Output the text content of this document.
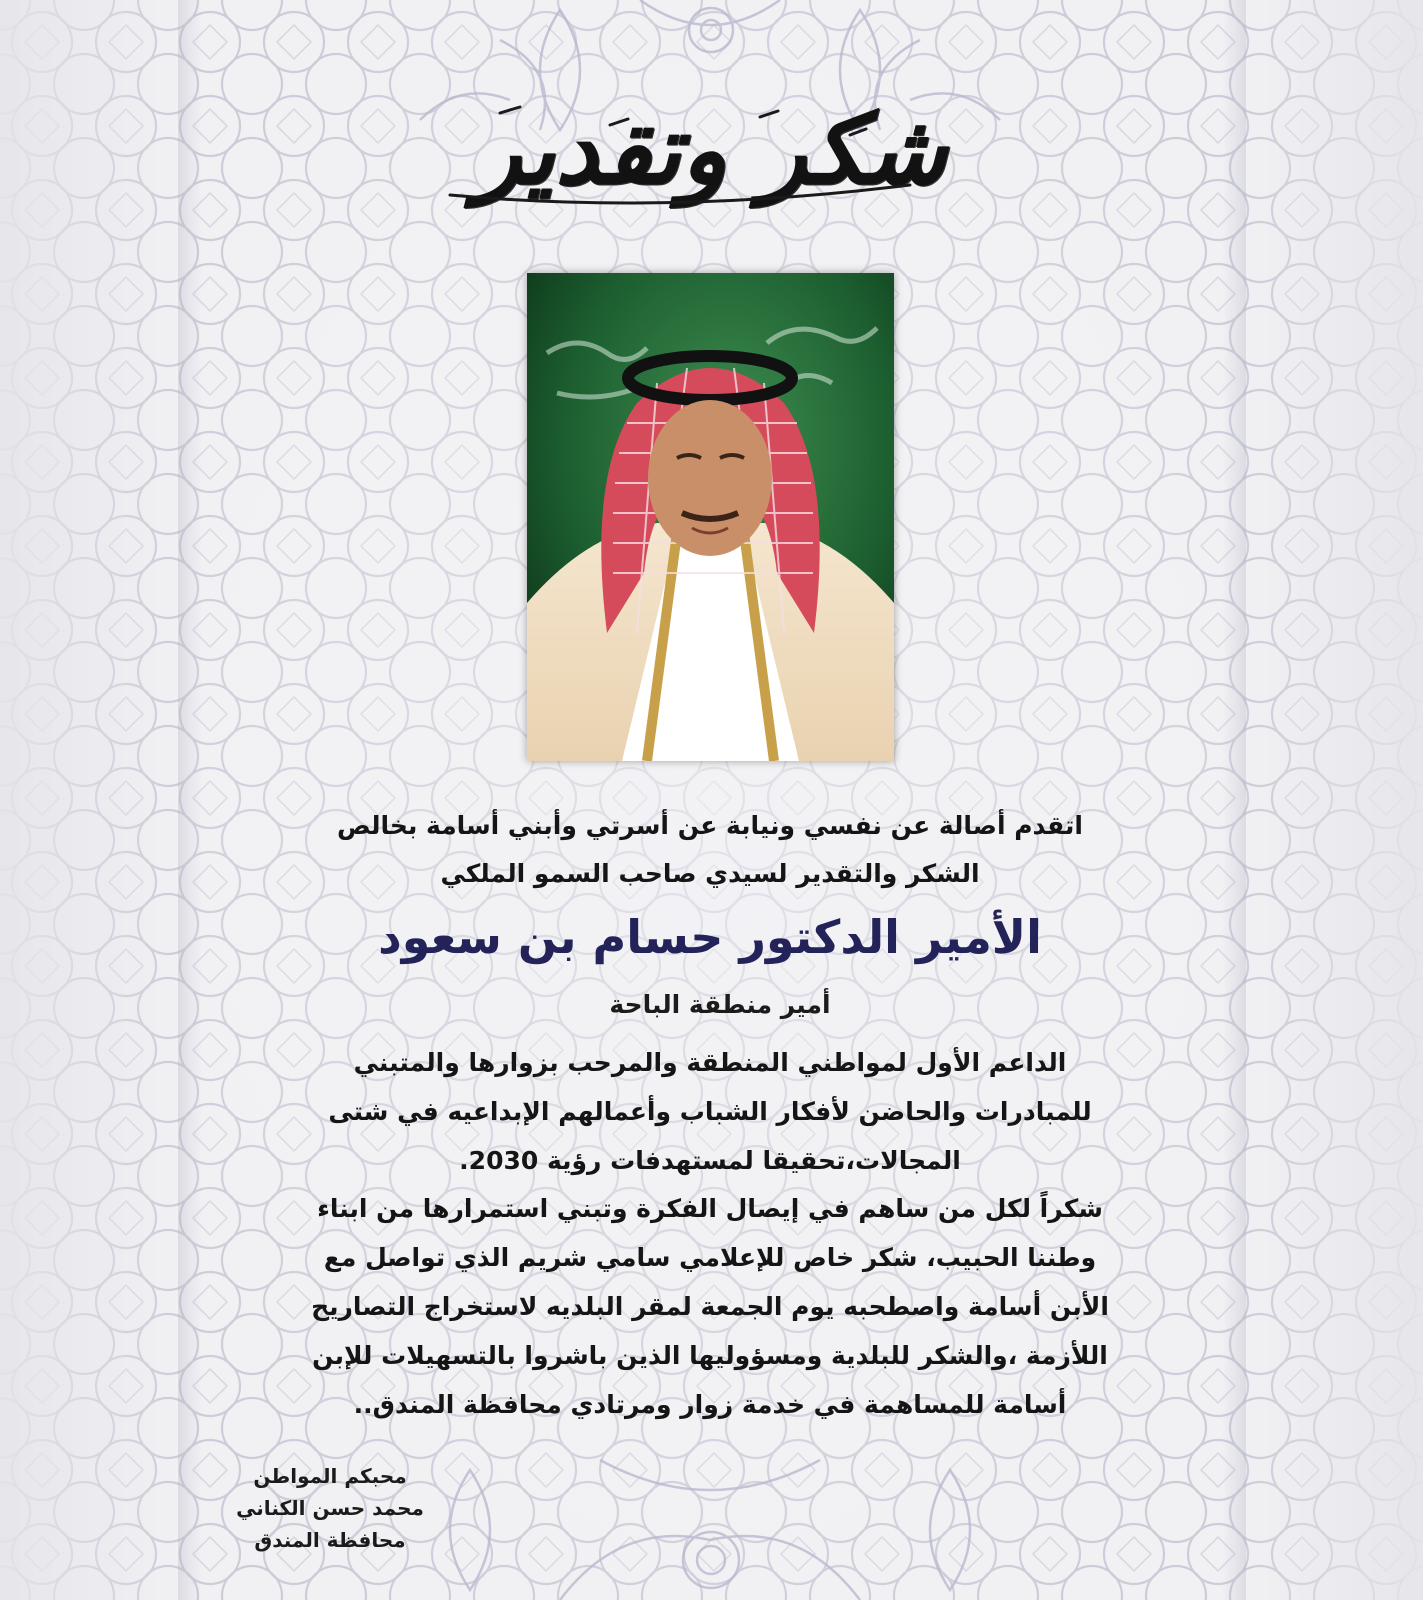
شكر وتقدير
اتقدم أصالة عن نفسي ونيابة عن أسرتي وأبني أسامة بخالص
الشكر والتقدير لسيدي صاحب السمو الملكي
الأمير الدكتور حسام بن سعود
أمير منطقة الباحة
الداعم الأول لمواطني المنطقة والمرحب بزوارها والمتبني
للمبادرات والحاضن لأفكار الشباب وأعمالهم الإبداعيه في شتى
المجالات،تحقيقا لمستهدفات رؤية 2030.
شكراً لكل من ساهم في إيصال الفكرة وتبني استمرارها من ابناء
وطننا الحبيب، شكر خاص للإعلامي سامي شريم الذي تواصل مع
الأبن أسامة واصطحبه يوم الجمعة لمقر البلديه لاستخراج التصاريح
اللأزمة ،والشكر للبلدية ومسؤوليها الذين باشروا بالتسهيلات للإبن
أسامة للمساهمة في خدمة زوار ومرتادي محافظة المندق..
محبكم المواطن
محمد حسن الكناني
محافظة المندق
